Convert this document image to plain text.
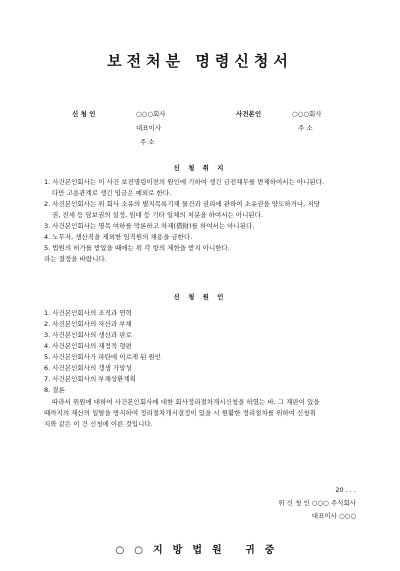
보전처분 명령신청서
신 청 인	○○○회사
대표이사
주 소
사건본인	○○○회사
주 소
신 청 취 지
1. 사건본인회사는 이 사건 보전명령이전의 원인에 기하여 생긴 금전채무를 변제하여서는 아니된다.
다만 고용관계로 생긴 임금은 예외로 한다.
2. 사건본인회사는 위 회사 소유의 별지목록기재 물건과 권리에 관하여 소유권을 양도하거나, 저당
권, 전세 등 담보권의 설정, 임대 등 기타 일체의 처분을 하여서는 아니된다.
3. 사건본인회사는 명목 여하를 막론하고 차재(借財)를 하여서는 아니된다.
4. 노무자, 생산직을 제외한 임직원의 채용을 금한다.
5. 법원의 허가를 받았을 때에는 위 각 항의 제한을 받지 아니한다.
라는 결정을 바랍니다.
신 청 원 인
1. 사건본인회사의 조직과 연혁
2. 사건본인회사의 자산과 부채
3. 사건본인회사의 생산과 판로
4. 사건본인회사의 재정적 형편
5. 사건본인회사가 파탄에 이르게 된 원인
6. 사건본인회사의 갱생 가망성
7. 사건본인회사의 부채상환계획
8. 결론
따라서 위원에 대하여 사건본인회사에 대한 회사정리절차개시신청을 하였는 바, 그 재판이 있을
때까지의 재산의 일탈을 방지하여 정리절차개시결정이 있을 시 원활한 정리절차를 위하여 신청취
지와 같은 이 건 신청에 이른 것입니다.
20 . . .
위 신 청 인 ○○○ 주식회사
대표이사 ○○○
○○지방법원 귀중
